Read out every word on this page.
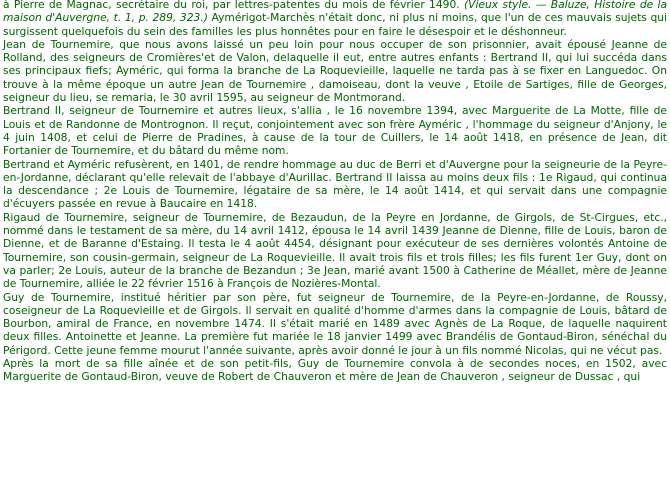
à Pierre de Magnac, secrétaire du roi, par lettres-patentes du mois de février 1490. (Vieux style. — Baluze, Histoire de la maison d'Auvergne, t. 1, p. 289, 323.) Aymérigot-Marchès n'était donc, ni plus ni moins, que l'un de ces mauvais sujets qui surgissent quelquefois du sein des familles les plus honnêtes pour en faire le désespoir et le déshonneur.

Jean de Tournemire, que nous avons laissé un peu loin pour nous occuper de son prisonnier, avait épousé Jeanne de Rolland, des seigneurs de Cromières'et de Valon, delaquelle il eut, entre autres enfants : Bertrand II, qui lui succéda dans ses principaux fiefs; Ayméric, qui forma la branche de La Roquevieille, laquelle ne tarda pas à se fixer en Languedoc. On trouve à la même époque un autre Jean de Tournemire , damoiseau, dont la veuve , Etoile de Sartiges, fille de Georges, seigneur du lieu, se remaria, le 30 avril 1595, au seigneur de Montmorand.

Bertrand II, seigneur de Tournemire et autres lieux, s'allia , le 16 novembre 1394, avec Marguerite de La Motte, fille de Louis et de Randonne de Montrognon. Il reçut, conjointement avec son frère Ayméric , l'hommage du seigneur d'Anjony, le 4 juin 1408, et celui de Pierre de Pradines, à cause de la tour de Cuillers, le 14 août 1418, en présence de Jean, dit Fortanier de Tournemire, et du bâtard du même nom.

Bertrand et Ayméric refusèrent, en 1401, de rendre hommage au duc de Berri et d'Auvergne pour la seigneurie de la Peyre-en-Jordanne, déclarant qu'elle relevait de l'abbaye d'Aurillac. Bertrand II laissa au moins deux fils : 1e Rigaud, qui continua la descendance ; 2e Louis de Tournemire, légataire de sa mère, le 14 août 1414, et qui servait dans une compagnie d'écuyers passée en revue à Baucaire en 1418.

Rigaud de Tournemire, seigneur de Tournemire, de Bezaudun, de la Peyre en Jordanne, de Girgols, de St-Cirgues, etc., nommé dans le testament de sa mère, du 14 avril 1412, épousa le 14 avril 1439 Jeanne de Dienne, fille de Louis, baron de Dienne, et de Baranne d'Estaing. Il testa le 4 août 4454, désignant pour exécuteur de ses dernières volontés Antoine de Tournemire, son cousin-germain, seigneur de La Roquevieille. Il avait trois fils et trois filles; les fils furent 1er Guy, dont on va parler; 2e Louis, auteur de la branche de Bezandun ; 3e Jean, marié avant 1500 à Catherine de Méallet, mère de Jeanne de Tournemire, alliée le 22 février 1516 à François de Nozières-Montal.

Guy de Tournemire, institué héritier par son père, fut seigneur de Tournemire, de la Peyre-en-Jordanne, de Roussy, coseigneur de La Roquevieille et de Girgols. Il servait en qualité d'homme d'armes dans la compagnie de Louis, bâtard de Bourbon, amiral de France, en novembre 1474. Il s'était marié en 1489 avec Agnès de La Roque, de laquelle naquirent deux filles. Antoinette et Jeanne. La première fut mariée le 18 janvier 1499 avec Brandélis de Gontaud-Biron, sénéchal du Périgord. Cette jeune femme mourut l'année suivante, après avoir donné le jour à un fils nommé Nicolas, qui ne vécut pas.

Après la mort de sa fille aînée et de son petit-fils, Guy de Tournemire convola à de secondes noces, en 1502, avec Marguerite de Gontaud-Biron, veuve de Robert de Chauveron et mère de Jean de Chauveron , seigneur de Dussac , qui
